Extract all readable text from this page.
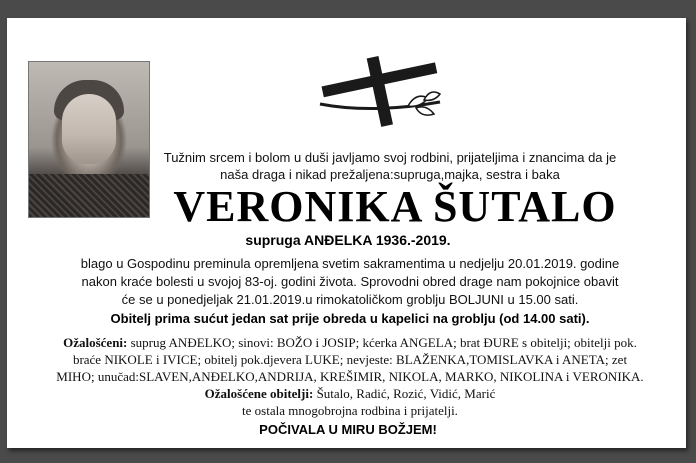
Tužnim srcem i bolom u duši javljamo svoj rodbini, prijateljima i znancima da je
naša draga i nikad prežaljena:supruga,majka, sestra i baka
VERONIKA ŠUTALO
supruga ANĐELKA 1936.-2019.
blago u Gospodinu preminula opremljena svetim sakramentima u nedjelju 20.01.2019. godine
nakon kraće bolesti u svojoj 83-oj. godini života. Sprovodni obred drage nam pokojnice obavit
će se u ponedjeljak 21.01.2019.u rimokatoličkom groblju BOLJUNI u 15.00 sati.
Obitelj prima sućut jedan sat prije obreda u kapelici na groblju (od 14.00 sati).
Ožalošćeni: suprug ANĐELKO; sinovi: BOŽO i JOSIP; kćerka ANGELA; brat ĐURE s obitelji; obitelji pok.
braće NIKOLE i IVICE; obitelj pok.djevera LUKE; nevjeste: BLAŽENKA,TOMISLAVKA i ANETA; zet
MIHO; unučad:SLAVEN,ANĐELKO,ANDRIJA, KREŠIMIR, NIKOLA, MARKO, NIKOLINA i VERONIKA.
Ožalošćene obitelji: Šutalo, Radić, Rozić, Vidić, Marić
te ostala mnogobrojna rodbina i prijatelji.
POČIVALA U MIRU BOŽJEM!
